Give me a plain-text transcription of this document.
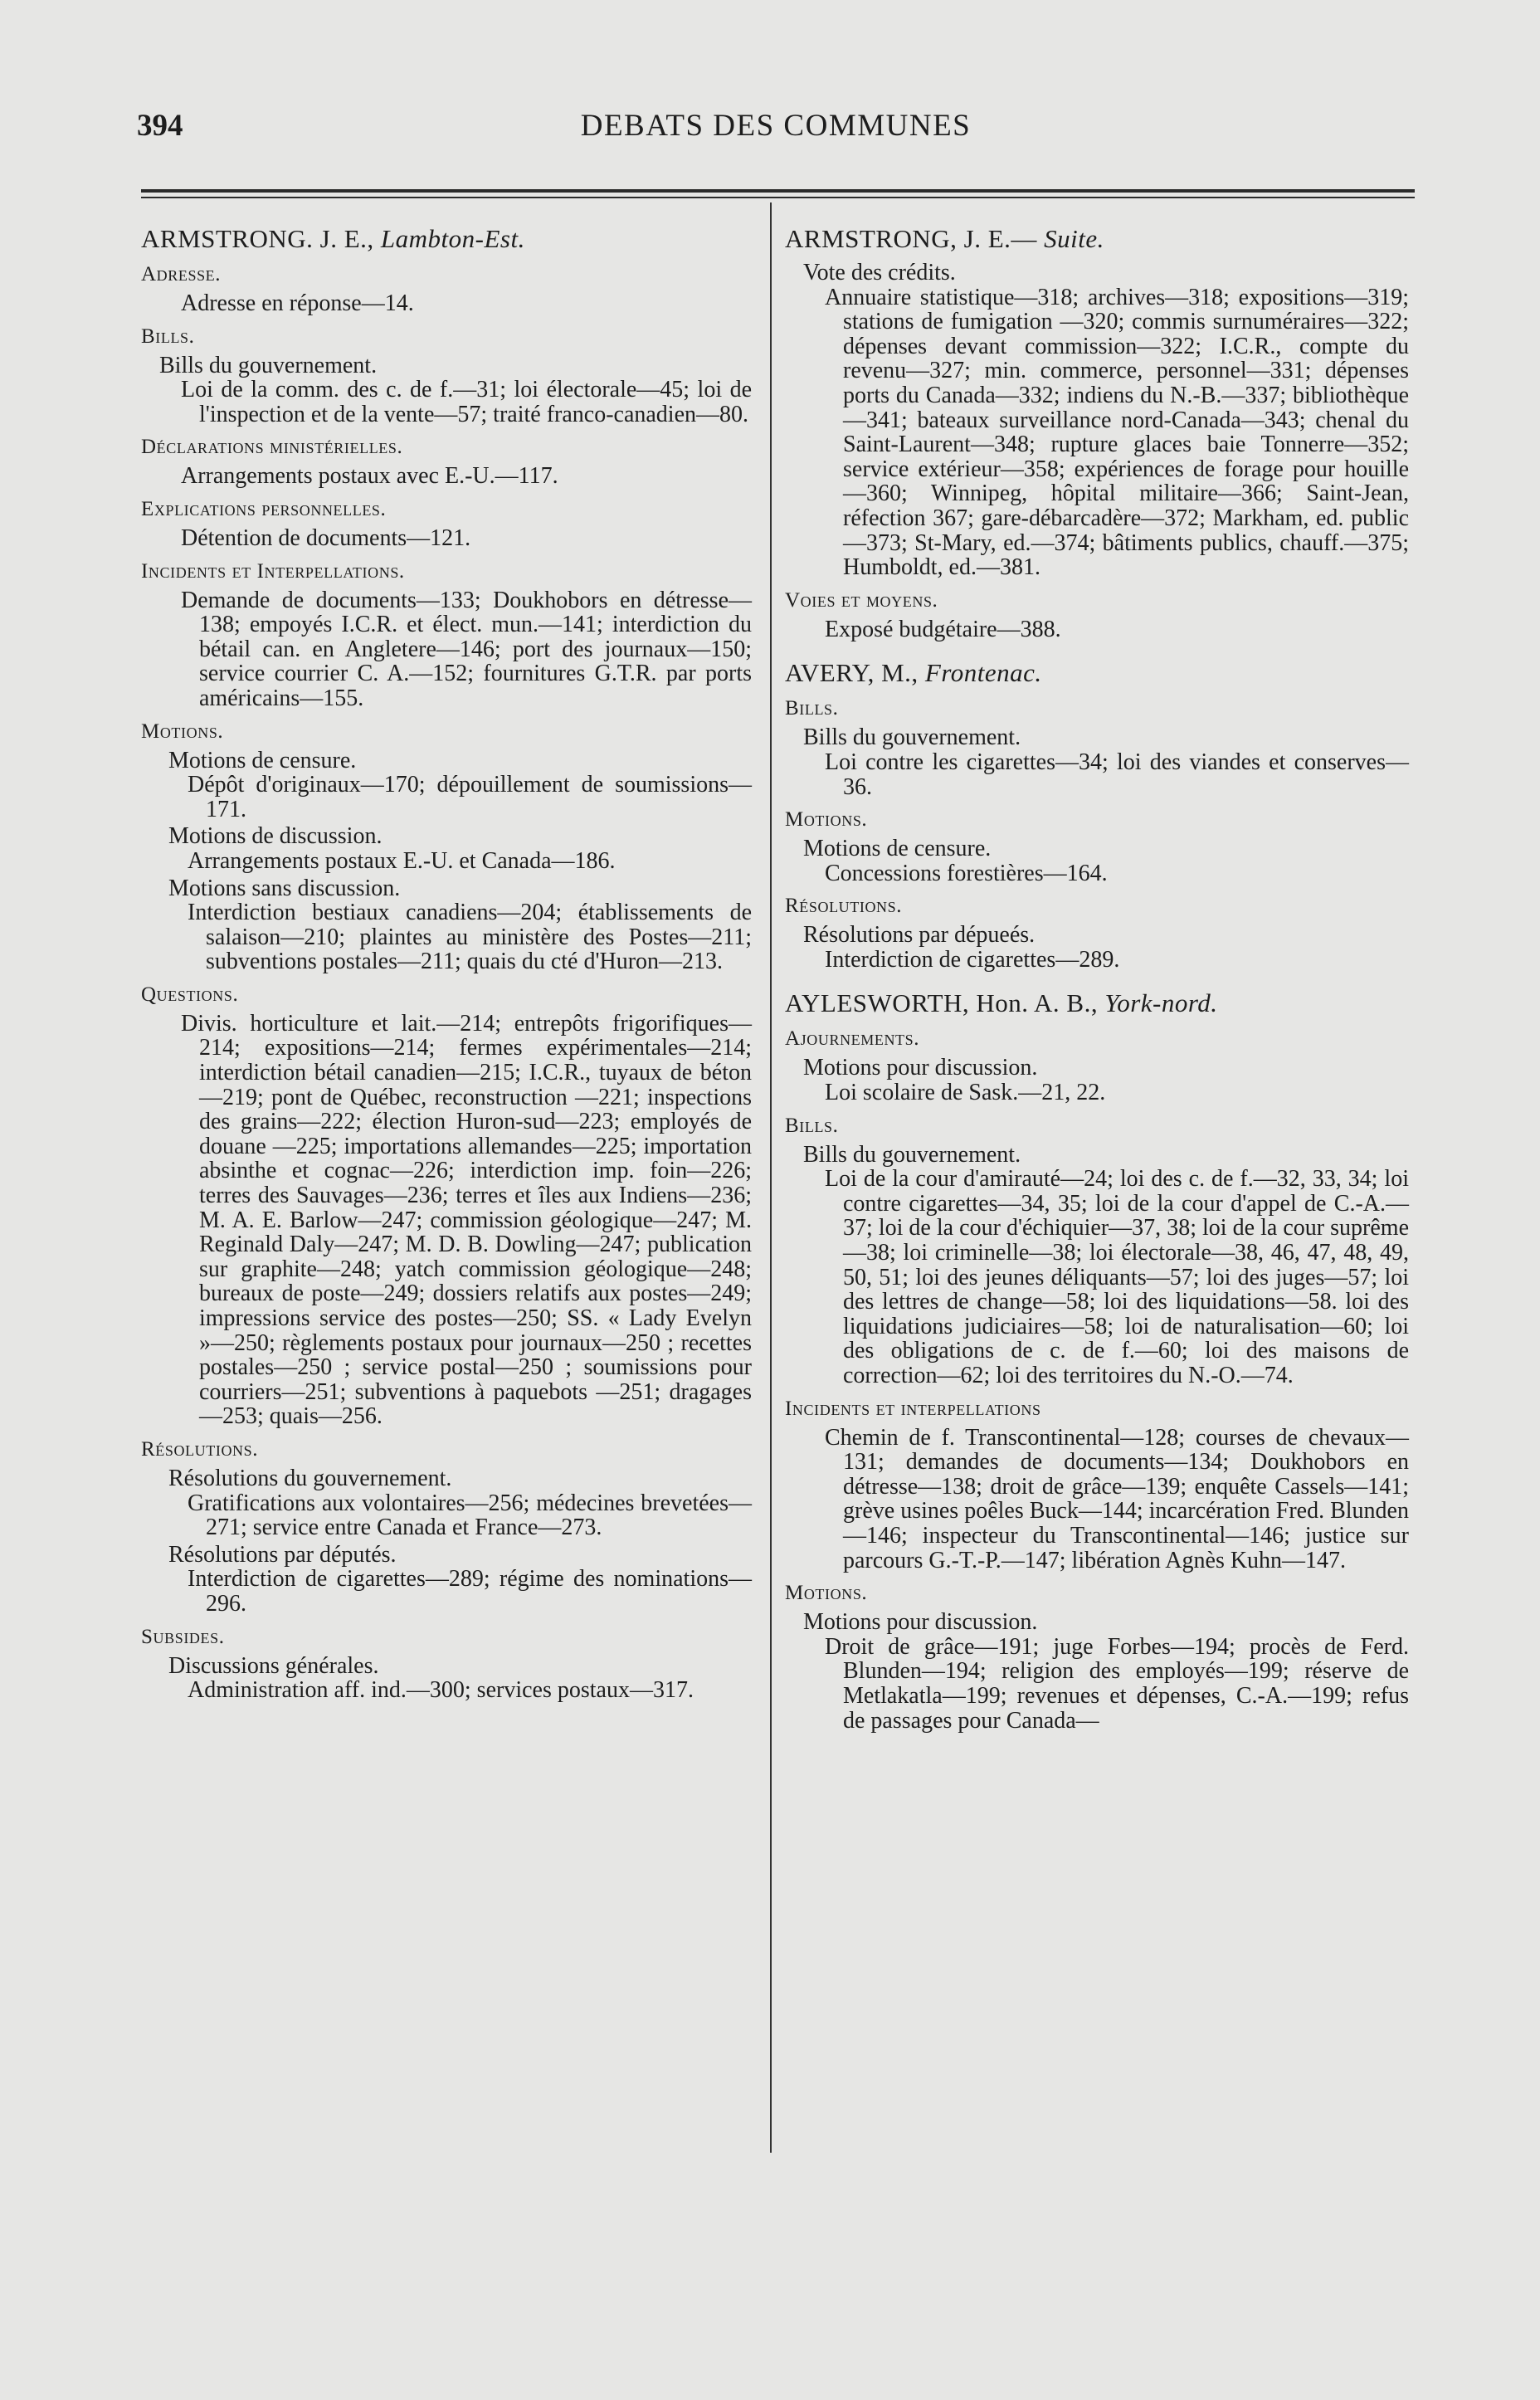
394	DEBATS DES COMMUNES
ARMSTRONG. J. E., Lambton-Est.
Adresse.
Adresse en réponse—14.
Bills.
Bills du gouvernement.
Loi de la comm. des c. de f.—31; loi électorale—45; loi de l'inspection et de la vente—57; traité franco-canadien—80.
Déclarations ministérielles.
Arrangements postaux avec E.-U.—117.
Explications personnelles.
Détention de documents—121.
Incidents et Interpellations.
Demande de documents—133; Doukhobors en détresse—138; empoyés I.C.R. et élect. mun.—141; interdiction du bétail can. en Angletere—146; port des journaux—150; service courrier C. A.—152; fournitures G.T.R. par ports américains—155.
Motions.
Motions de censure.
Dépôt d'originaux—170; dépouillement de soumissions—171.
Motions de discussion.
Arrangements postaux E.-U. et Canada—186.
Motions sans discussion.
Interdiction bestiaux canadiens—204; établissements de salaison—210; plaintes au ministère des Postes—211; subventions postales—211; quais du cté d'Huron—213.
Questions.
Divis. horticulture et lait.—214; entrepôts frigorifiques—214; expositions—214; fermes expérimentales—214; interdiction bétail canadien—215; I.C.R., tuyaux de béton—219; pont de Québec, reconstruction —221; inspections des grains—222; élection Huron-sud—223; employés de douane —225; importations allemandes—225; importation absinthe et cognac—226; interdiction imp. foin—226; terres des Sauvages—236; terres et îles aux Indiens—236; M. A. E. Barlow—247; commission géologique—247; M. Reginald Daly—247; M. D. B. Dowling—247; publication sur graphite—248; yatch commission géologique—248; bureaux de poste—249; dossiers relatifs aux postes—249; impressions service des postes—250; SS. « Lady Evelyn »—250; règlements postaux pour journaux—250 ; recettes postales—250 ; service postal—250 ; soumissions pour courriers—251; subventions à paquebots —251; dragages—253; quais—256.
Résolutions.
Résolutions du gouvernement.
Gratifications aux volontaires—256; médecines brevetées—271; service entre Canada et France—273.
Résolutions par députés.
Interdiction de cigarettes—289; régime des nominations—296.
Subsides.
Discussions générales.
Administration aff. ind.—300; services postaux—317.
ARMSTRONG, J. E.— Suite.
Vote des crédits.
Annuaire statistique—318; archives—318; expositions—319; stations de fumigation —320; commis surnuméraires—322; dépenses devant commission—322; I.C.R., compte du revenu—327; min. commerce, personnel—331; dépenses ports du Canada—332; indiens du N.-B.—337; bibliothèque—341; bateaux surveillance nord-Canada—343; chenal du Saint-Laurent—348; rupture glaces baie Tonnerre—352; service extérieur—358; expériences de forage pour houille—360; Winnipeg, hôpital militaire—366; Saint-Jean, réfection 367; gare-débarcadère—372; Markham, ed. public—373; St-Mary, ed.—374; bâtiments publics, chauff.—375; Humboldt, ed.—381.
Voies et moyens.
Exposé budgétaire—388.
AVERY, M., Frontenac.
Bills.
Bills du gouvernement.
Loi contre les cigarettes—34; loi des viandes et conserves—36.
Motions.
Motions de censure.
Concessions forestières—164.
Résolutions.
Résolutions par dépueés.
Interdiction de cigarettes—289.
AYLESWORTH, Hon. A. B., York-nord.
Ajournements.
Motions pour discussion.
Loi scolaire de Sask.—21, 22.
Bills.
Bills du gouvernement.
Loi de la cour d'amirauté—24; loi des c. de f.—32, 33, 34; loi contre cigarettes—34, 35; loi de la cour d'appel de C.-A.—37; loi de la cour d'échiquier—37, 38; loi de la cour suprême—38; loi criminelle—38; loi électorale—38, 46, 47, 48, 49, 50, 51; loi des jeunes déliquants—57; loi des juges—57; loi des lettres de change—58; loi des liquidations—58. loi des liquidations judiciaires—58; loi de naturalisation—60; loi des obligations de c. de f.—60; loi des maisons de correction—62; loi des territoires du N.-O.—74.
Incidents et interpellations
Chemin de f. Transcontinental—128; courses de chevaux—131; demandes de documents—134; Doukhobors en détresse—138; droit de grâce—139; enquête Cassels—141; grève usines poêles Buck—144; incarcération Fred. Blunden—146; inspecteur du Transcontinental—146; justice sur parcours G.-T.-P.—147; libération Agnès Kuhn—147.
Motions.
Motions pour discussion.
Droit de grâce—191; juge Forbes—194; procès de Ferd. Blunden—194; religion des employés—199; réserve de Metlakatla—199; revenues et dépenses, C.-A.—199; refus de passages pour Canada—
